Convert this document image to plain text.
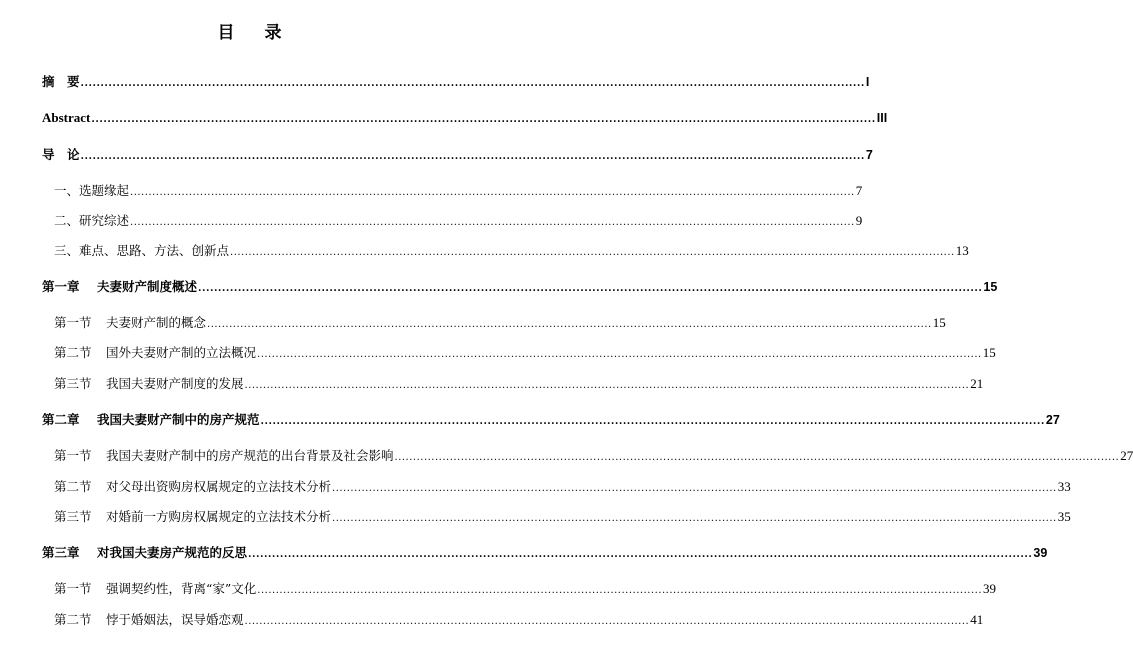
目 录
摘　要 ..................................................................................................................................................................................................... I
Abstract ..................................................................................................................................................................................................... III
导　论 ..................................................................................................................................................................................................... 7
一、选题缘起 ..................................................................................................................................................................................................... 7
二、研究综述 ..................................................................................................................................................................................................... 9
三、难点、思路、方法、创新点 ..................................................................................................................................................................................................... 13
第一章 夫妻财产制度概述 ..................................................................................................................................................................................................... 15
第一节 夫妻财产制的概念 ..................................................................................................................................................................................................... 15
第二节 国外夫妻财产制的立法概况 ..................................................................................................................................................................................................... 15
第三节 我国夫妻财产制度的发展 ..................................................................................................................................................................................................... 21
第二章 我国夫妻财产制中的房产规范 ..................................................................................................................................................................................................... 27
第一节 我国夫妻财产制中的房产规范的出台背景及社会影响 ..................................................................................................................................................................................................... 27
第二节 对父母出资购房权属规定的立法技术分析 ..................................................................................................................................................................................................... 33
第三节 对婚前一方购房权属规定的立法技术分析 ..................................................................................................................................................................................................... 35
第三章 对我国夫妻房产规范的反思 ..................................................................................................................................................................................................... 39
第一节 强调契约性，背离“家”文化 ..................................................................................................................................................................................................... 39
第二节 悖于婚姻法，误导婚恋观 ..................................................................................................................................................................................................... 41
